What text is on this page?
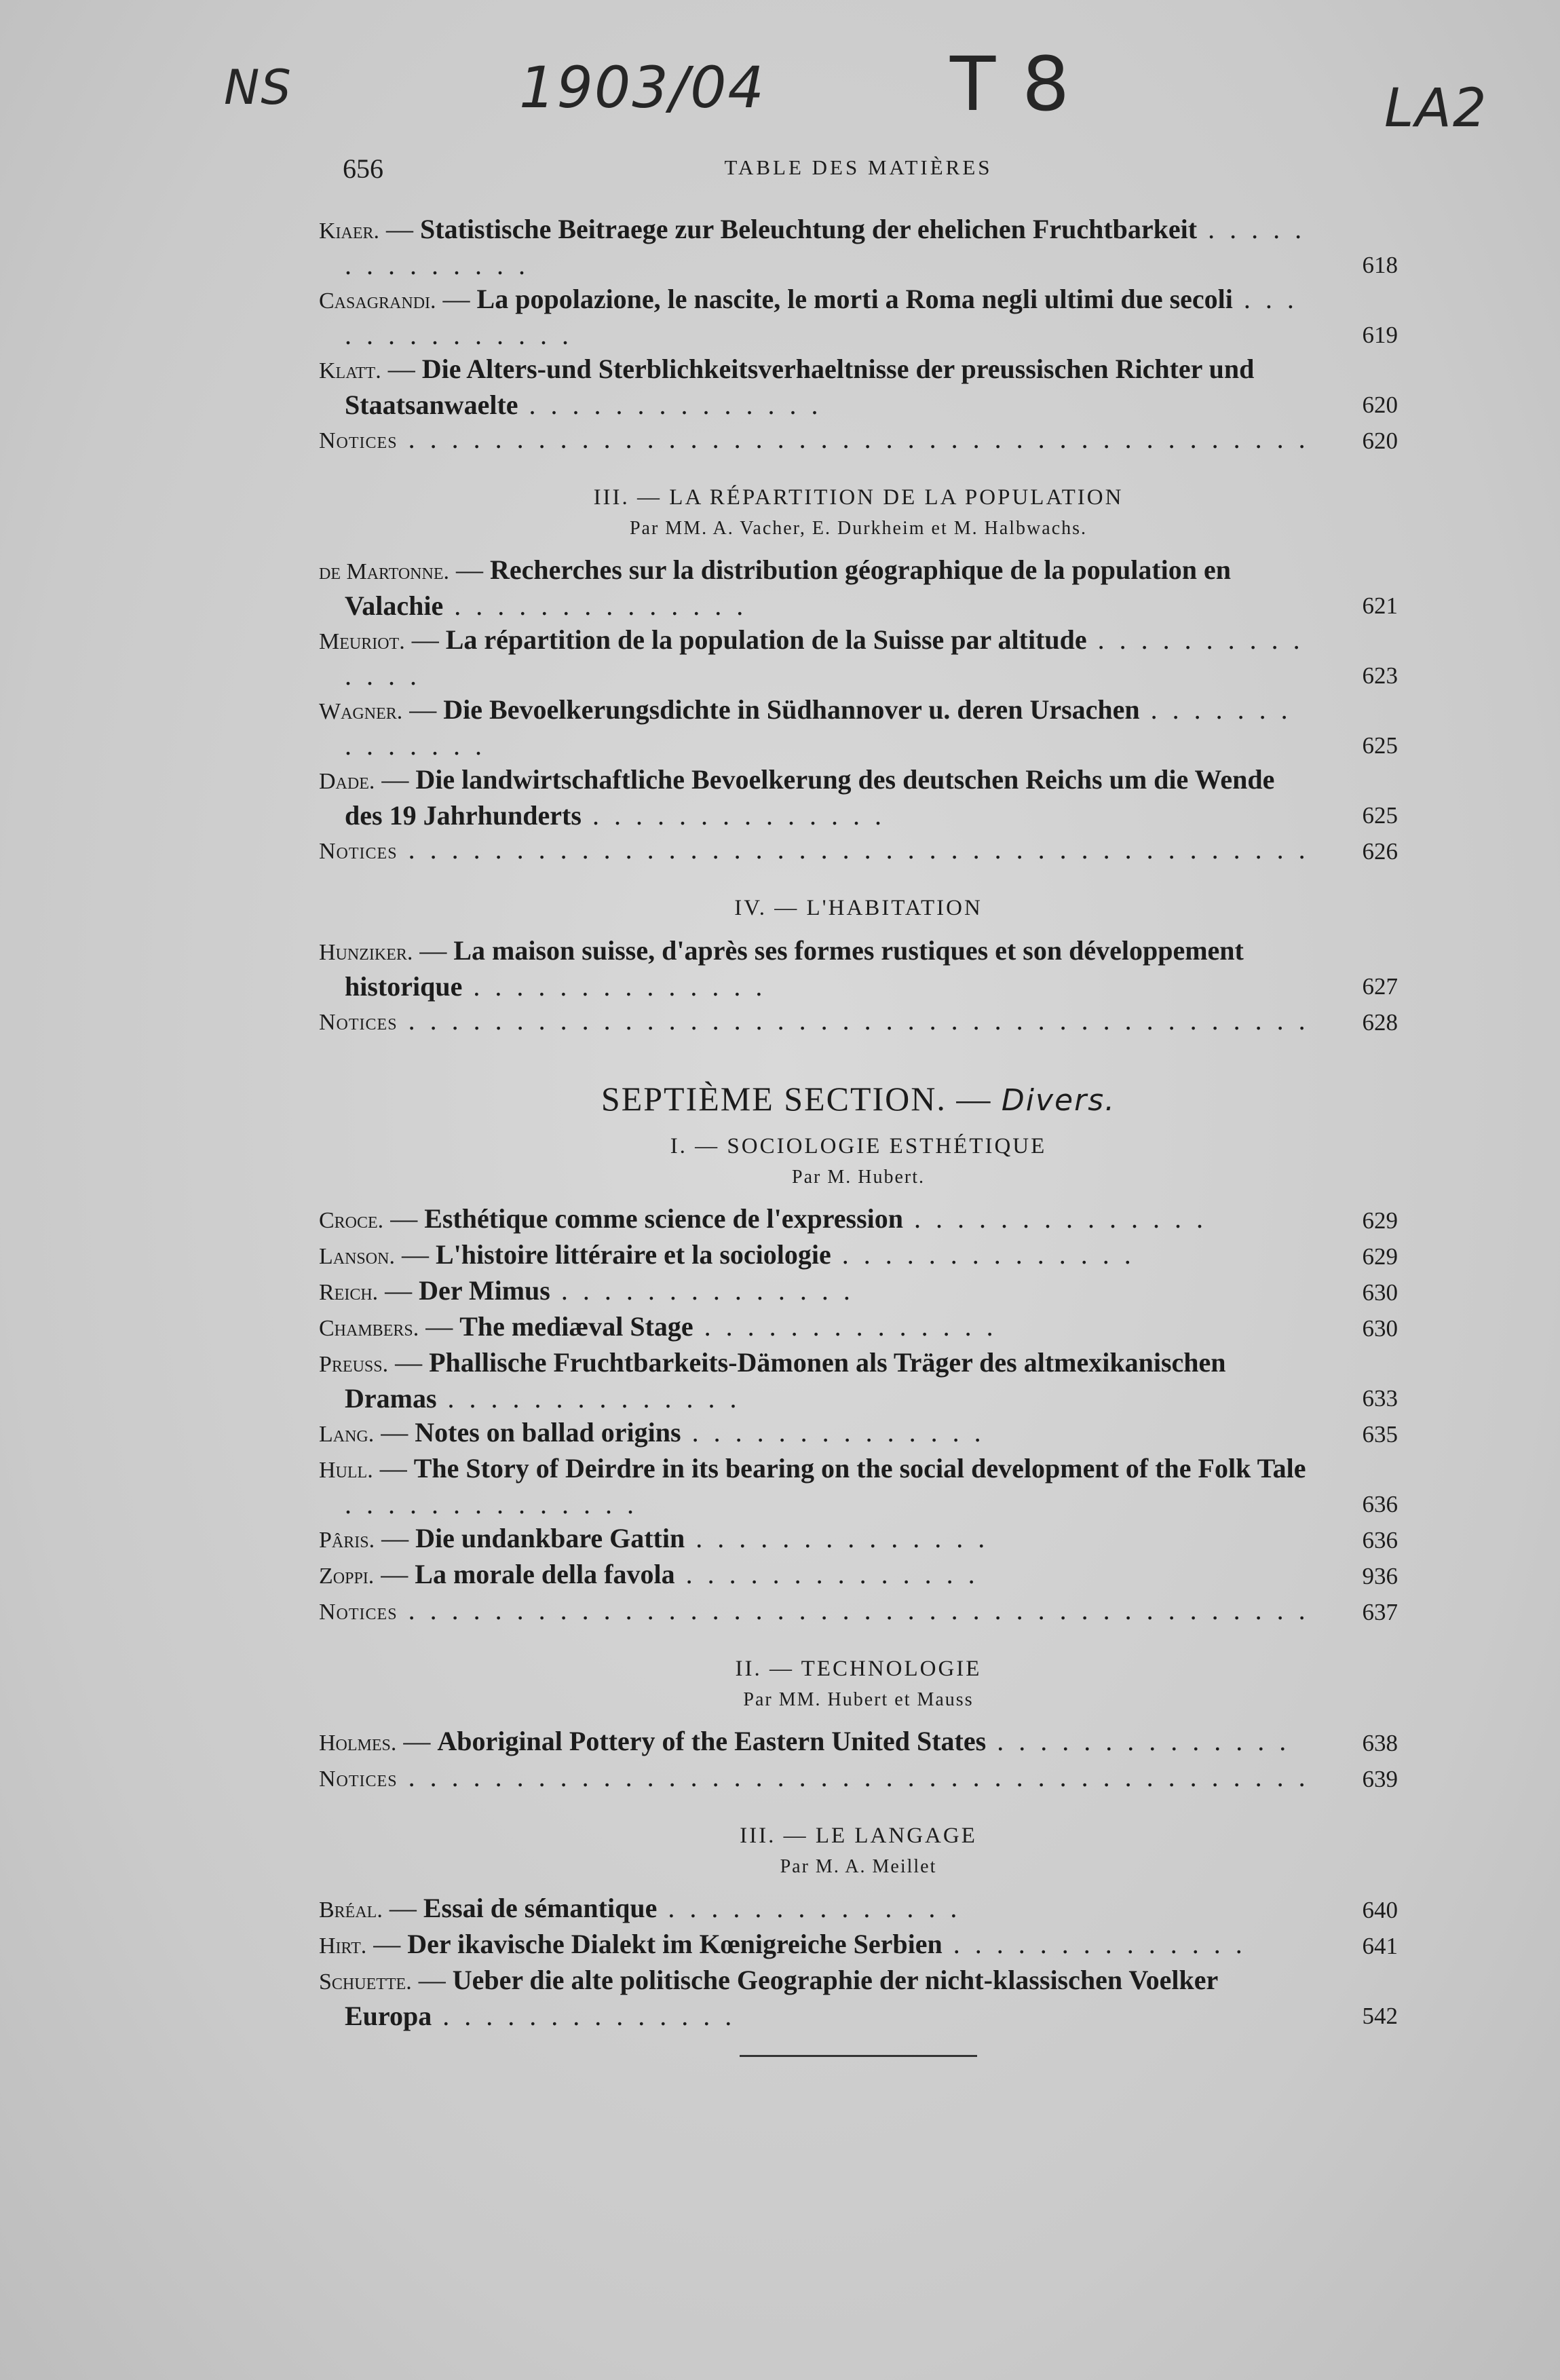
NS	1903/04 T 8	LA2
656	TABLE DES MATIÈRES
Kiaer. — Statistische Beitraege zur Beleuchtung der ehelichen Fruchtbarkeit . . . . . . . . . . . . . .	618
Casagrandi. — La popolazione, le nascite, le morti a Roma negli ultimi due secoli . . . . . . . . . . . . . .	619
Klatt. — Die Alters-und Sterblichkeitsverhaeltnisse der preussischen Richter und Staatsanwaelte . . . . . . . . . . . . . .	620
Notices . . . . . . . . . . . . . . . . . . . . . . . . . . . . . . . . . . . . . . . . . . 620
III. — LA RÉPARTITION DE LA POPULATION
Par MM. A. Vacher, E. Durkheim et M. Halbwachs.
de Martonne. — Recherches sur la distribution géographique de la population en Valachie . . . . . . . . . . . . . .	621
Meuriot. — La répartition de la population de la Suisse par altitude . . . . . . . . . . . . . .	623
Wagner. — Die Bevoelkerungsdichte in Südhannover u. deren Ursachen . . . . . . . . . . . . . .	625
Dade. — Die landwirtschaftliche Bevoelkerung des deutschen Reichs um die Wende des 19 Jahrhunderts . . . . . . . . . . . . . .	625
Notices . . . . . . . . . . . . . . . . . . . . . . . . . . . . . . . . . . . . . . . . . . 626
IV. — L'HABITATION
Hunziker. — La maison suisse, d'après ses formes rustiques et son développement historique . . . . . . . . . . . . . .	627
Notices . . . . . . . . . . . . . . . . . . . . . . . . . . . . . . . . . . . . . . . . . . 628
SEPTIÈME SECTION. — Divers.
I. — SOCIOLOGIE ESTHÉTIQUE
Par M. Hubert.
Croce. — Esthétique comme science de l'expression . . . . . . . . . . . . . .	629
Lanson. — L'histoire littéraire et la sociologie . . . . . . . . . . . . . .	629
Reich. — Der Mimus . . . . . . . . . . . . . .	630
Chambers. — The mediæval Stage . . . . . . . . . . . . . .	630
Preuss. — Phallische Fruchtbarkeits-Dämonen als Träger des altmexikanischen Dramas . . . . . . . . . . . . . .	633
Lang. — Notes on ballad origins . . . . . . . . . . . . . .	635
Hull. — The Story of Deirdre in its bearing on the social development of the Folk Tale . . . . . . . . . . . . . .	636
Pâris. — Die undankbare Gattin . . . . . . . . . . . . . .	636
Zoppi. — La morale della favola . . . . . . . . . . . . . .	936
Notices . . . . . . . . . . . . . . . . . . . . . . . . . . . . . . . . . . . . . . . . . . 637
II. — TECHNOLOGIE
Par MM. Hubert et Mauss
Holmes. — Aboriginal Pottery of the Eastern United States . . . . . . . . . . . . . .	638
Notices . . . . . . . . . . . . . . . . . . . . . . . . . . . . . . . . . . . . . . . . . . 639
III. — LE LANGAGE
Par M. A. Meillet
Bréal. — Essai de sémantique . . . . . . . . . . . . . .	640
Hirt. — Der ikavische Dialekt im Kœnigreiche Serbien . . . . . . . . . . . . . .	641
Schuette. — Ueber die alte politische Geographie der nicht-klassischen Voelker Europa . . . . . . . . . . . . . .	542
